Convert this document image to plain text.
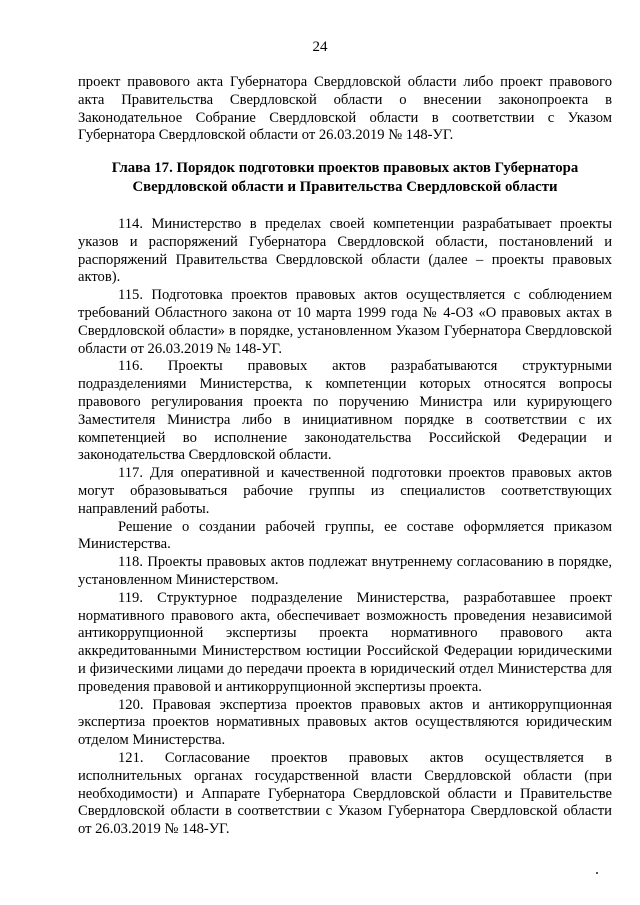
24

проект правового акта Губернатора Свердловской области либо проект правового акта Правительства Свердловской области о внесении законопроекта в Законодательное Собрание Свердловской области в соответствии с Указом Губернатора Свердловской области от 26.03.2019 № 148-УГ.

Глава 17. Порядок подготовки проектов правовых актов Губернатора Свердловской области и Правительства Свердловской области

114. Министерство в пределах своей компетенции разрабатывает проекты указов и распоряжений Губернатора Свердловской области, постановлений и распоряжений Правительства Свердловской области (далее – проекты правовых актов).

115. Подготовка проектов правовых актов осуществляется с соблюдением требований Областного закона от 10 марта 1999 года № 4-ОЗ «О правовых актах в Свердловской области» в порядке, установленном Указом Губернатора Свердловской области от 26.03.2019 № 148-УГ.

116. Проекты правовых актов разрабатываются структурными подразделениями Министерства, к компетенции которых относятся вопросы правового регулирования проекта по поручению Министра или курирующего Заместителя Министра либо в инициативном порядке в соответствии с их компетенцией во исполнение законодательства Российской Федерации и законодательства Свердловской области.

117. Для оперативной и качественной подготовки проектов правовых актов могут образовываться рабочие группы из специалистов соответствующих направлений работы.

Решение о создании рабочей группы, ее составе оформляется приказом Министерства.

118. Проекты правовых актов подлежат внутреннему согласованию в порядке, установленном Министерством.

119. Структурное подразделение Министерства, разработавшее проект нормативного правового акта, обеспечивает возможность проведения независимой антикоррупционной экспертизы проекта нормативного правового акта аккредитованными Министерством юстиции Российской Федерации юридическими и физическими лицами до передачи проекта в юридический отдел Министерства для проведения правовой и антикоррупционной экспертизы проекта.

120. Правовая экспертиза проектов правовых актов и антикоррупционная экспертиза проектов нормативных правовых актов осуществляются юридическим отделом Министерства.

121. Согласование проектов правовых актов осуществляется в исполнительных органах государственной власти Свердловской области (при необходимости) и Аппарате Губернатора Свердловской области и Правительстве Свердловской области в соответствии с Указом Губернатора Свердловской области от 26.03.2019 № 148-УГ.
